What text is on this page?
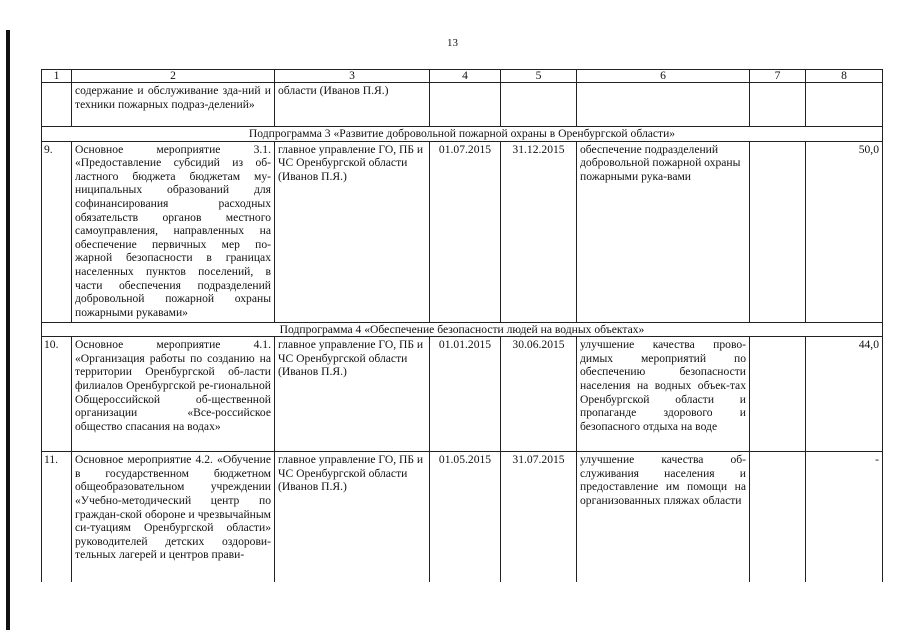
13
1	2	3	4	5	6	7	8
	содержание и обслуживание зда-ний и техники пожарных подраз-делений»	области (Иванов П.Я.)					
Подпрограмма 3 «Развитие добровольной пожарной охраны в Оренбургской области»							
9.	Основное мероприятие 3.1. «Предоставление субсидий из об-ластного бюджета бюджетам му-ниципальных образований для софинансирования расходных обязательств органов местного самоуправления, направленных на обеспечение первичных мер по-жарной безопасности в границах населенных пунктов поселений, в части обеспечения подразделений добровольной пожарной охраны пожарными рукавами»	главное управление ГО, ПБ и ЧС Оренбургской области (Иванов П.Я.)	01.07.2015	31.12.2015	обеспечение подразделений добровольной пожарной охраны пожарными рука-вами		50,0
Подпрограмма 4 «Обеспечение безопасности людей на водных объектах»							
10.	Основное мероприятие 4.1. «Организация работы по созданию на территории Оренбургской об-ласти филиалов Оренбургской ре-гиональной Общероссийской об-щественной организации «Все-российское общество спасания на водах»	главное управление ГО, ПБ и ЧС Оренбургской области (Иванов П.Я.)	01.01.2015	30.06.2015	улучшение качества прово-димых мероприятий по обеспечению безопасности населения на водных объек-тах Оренбургской области и пропаганде здорового и безопасного отдыха на воде		44,0
11.	Основное мероприятие 4.2. «Обучение в государственном бюджетном общеобразовательном учреждении «Учебно-методический центр по граждан-ской обороне и чрезвычайным си-туациям Оренбургской области» руководителей детских оздорови-тельных лагерей и центров прави-	главное управление ГО, ПБ и ЧС Оренбургской области (Иванов П.Я.)	01.05.2015	31.07.2015	улучшение качества об-служивания населения и предоставление им помощи на организованных пляжах области		-
